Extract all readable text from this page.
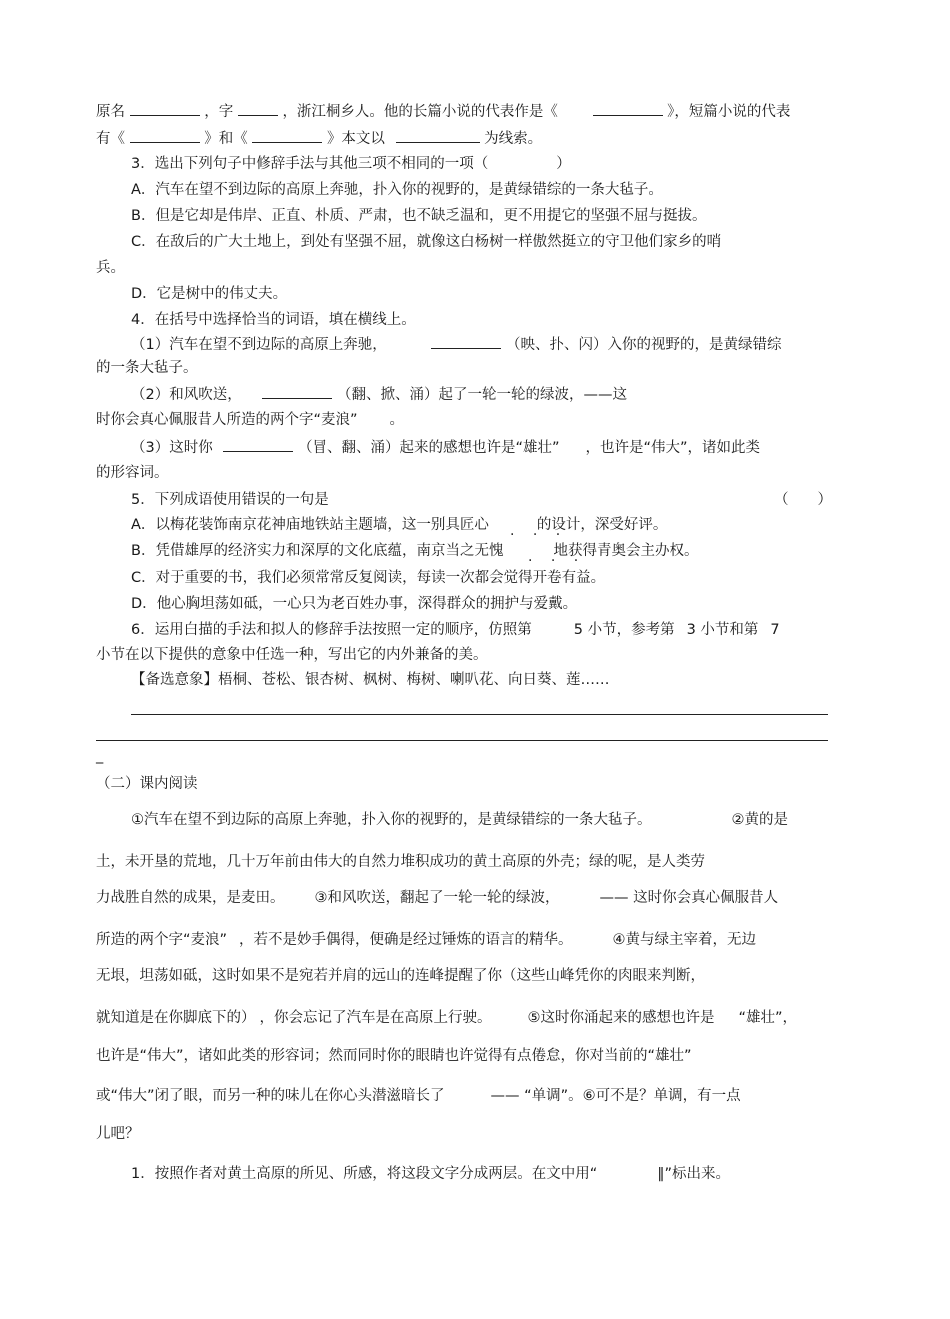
原名	，字	，浙江桐乡人。他的长篇小说的代表作是《	》，短篇小说的代表
有《	》和《	》本文以	为线索。
3．选出下列句子中修辞手法与其他三项不相同的一项（	）
A．汽车在望不到边际的高原上奔驰，扑入你的视野的，是黄绿错综的一条大毡子。
B．但是它却是伟岸、正直、朴质、严肃，也不缺乏温和，更不用提它的坚强不屈与挺拔。
C．在敌后的广大土地上，到处有坚强不屈，就像这白杨树一样傲然挺立的守卫他们家乡的哨
兵。
D．它是树中的伟丈夫。
4．在括号中选择恰当的词语，填在横线上。
（1）汽车在望不到边际的高原上奔驰，	（映、扑、闪）入你的视野的，是黄绿错综
的一条大毡子。
（2）和风吹送，	（翻、掀、涌）起了一轮一轮的绿波，——这
时你会真心佩服昔人所造的两个字“麦浪” 。
（3）这时你	（冒、翻、涌）起来的感想也许是“雄壮” ，也许是“伟大”，诸如此类
的形容词。
5．下列成语使用错误的一句是	（　　）
A．以梅花装饰南京花神庙地铁站主题墙，这一别具匠心	的设计，深受好评。
· · ·
B．凭借雄厚的经济实力和深厚的文化底蕴，南京当之无愧	地获得青奥会主办权。
· · ·
C．对于重要的书，我们必须常常反复阅读，每读一次都会觉得开卷有益。
D．他心胸坦荡如砥，一心只为老百姓办事，深得群众的拥护与爱戴。
6．运用白描的手法和拟人的修辞手法按照一定的顺序，仿照第	5 小节，参考第 3 小节和第 7
小节在以下提供的意象中任选一种，写出它的内外兼备的美。
【备选意象】梧桐、苍松、银杏树、枫树、梅树、喇叭花、向日葵、莲……
_
（二）课内阅读
①汽车在望不到边际的高原上奔驰，扑入你的视野的，是黄绿错综的一条大毡子。	②黄的是
土，未开垦的荒地，几十万年前由伟大的自然力堆积成功的黄土高原的外壳；绿的呢，是人类劳
力战胜自然的成果，是麦田。 ③和风吹送，翻起了一轮一轮的绿波，	—— 这时你会真心佩服昔人
所造的两个字“麦浪” ，若不是妙手偶得，便确是经过锤炼的语言的精华。	④黄与绿主宰着，无边
无垠，坦荡如砥，这时如果不是宛若并肩的远山的连峰提醒了你（这些山峰凭你的肉眼来判断，
就知道是在你脚底下的） ，你会忘记了汽车是在高原上行驶。 ⑤这时你涌起来的感想也许是 “雄壮”，
也许是“伟大”，诸如此类的形容词；然而同时你的眼睛也许觉得有点倦怠，你对当前的“雄壮”
或“伟大”闭了眼，而另一种的味儿在你心头潜滋暗长了	—— “单调”。⑥可不是？单调，有一点
儿吧？
1．按照作者对黄土高原的所见、所感，将这段文字分成两层。在文中用“	‖”标出来。
